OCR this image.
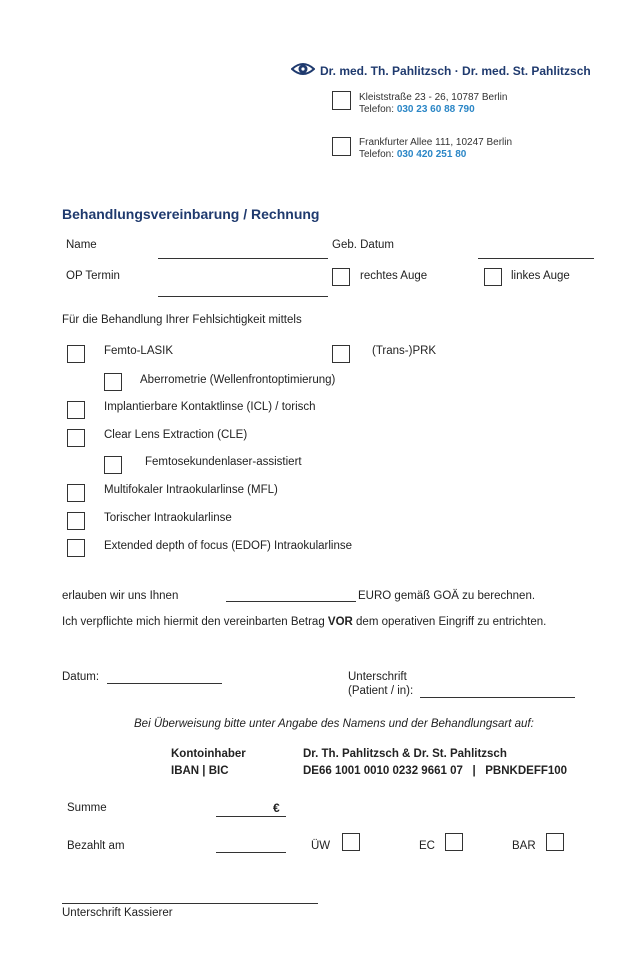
Dr. med. Th. Pahlitzsch · Dr. med. St. Pahlitzsch
Kleiststraße 23 - 26, 10787 Berlin
Telefon: 030 23 60 88 790
Frankfurter Allee 111, 10247 Berlin
Telefon: 030 420 251 80
Behandlungsvereinbarung / Rechnung
Name	Geb. Datum
OP Termin	rechtes Auge	linkes Auge
Für die Behandlung Ihrer Fehlsichtigkeit mittels
Femto-LASIK	(Trans-)PRK
Aberrometrie (Wellenfrontoptimierung)
Implantierbare Kontaktlinse (ICL) / torisch
Clear Lens Extraction (CLE)
Femtosekundenlaser-assistiert
Multifokaler Intraokularlinse (MFL)
Torischer Intraokularlinse
Extended depth of focus (EDOF) Intraokularlinse
erlauben wir uns Ihnen	EURO gemäß GOÄ zu berechnen.
Ich verpflichte mich hiermit den vereinbarten Betrag VOR dem operativen Eingriff zu entrichten.
Datum:	Unterschrift
(Patient / in):
Bei Überweisung bitte unter Angabe des Namens und der Behandlungsart auf:
Kontoinhaber	Dr. Th. Pahlitzsch & Dr. St. Pahlitzsch
IBAN | BIC	DE66 1001 0010 0232 9661 07   |   PBNKDEFF100
Summe	€
Bezahlt am	ÜW	EC	BAR
Unterschrift Kassierer
